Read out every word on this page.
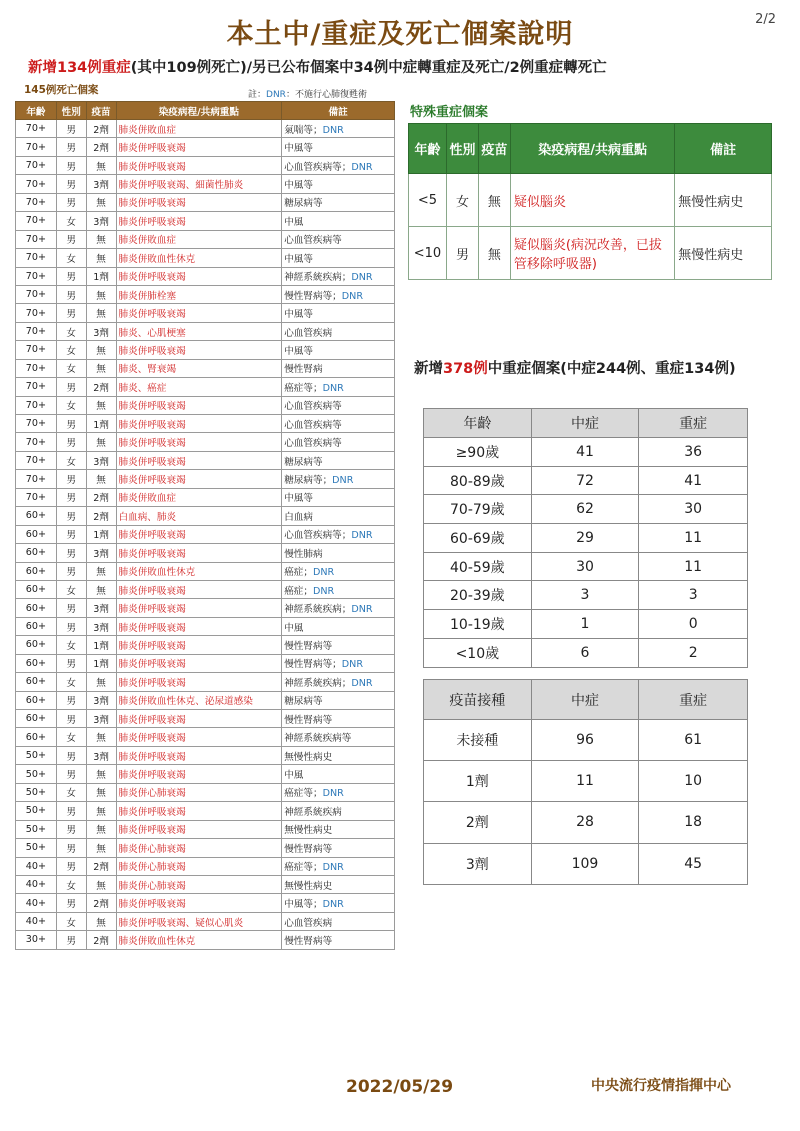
本土中/重症及死亡個案說明	2/2
新增134例重症(其中109例死亡)/另已公布個案中34例中症轉重症及死亡/2例重症轉死亡
145例死亡個案	註：DNR：不施行心肺復甦術
年齡	性別	疫苗	染疫病程/共病重點	備註
70+	男	2劑	肺炎併敗血症	氣喘等；DNR
70+	男	2劑	肺炎併呼吸衰竭	中風等
70+	男	無	肺炎併呼吸衰竭	心血管疾病等；DNR
70+	男	3劑	肺炎併呼吸衰竭、細菌性肺炎	中風等
70+	男	無	肺炎併呼吸衰竭	糖尿病等
70+	女	3劑	肺炎併呼吸衰竭	中風
70+	男	無	肺炎併敗血症	心血管疾病等
70+	女	無	肺炎併敗血性休克	中風等
70+	男	1劑	肺炎併呼吸衰竭	神經系統疾病；DNR
70+	男	無	肺炎併肺栓塞	慢性腎病等；DNR
70+	男	無	肺炎併呼吸衰竭	中風等
70+	女	3劑	肺炎、心肌梗塞	心血管疾病
70+	女	無	肺炎併呼吸衰竭	中風等
70+	女	無	肺炎、腎衰竭	慢性腎病
70+	男	2劑	肺炎、癌症	癌症等；DNR
70+	女	無	肺炎併呼吸衰竭	心血管疾病等
70+	男	1劑	肺炎併呼吸衰竭	心血管疾病等
70+	男	無	肺炎併呼吸衰竭	心血管疾病等
70+	女	3劑	肺炎併呼吸衰竭	糖尿病等
70+	男	無	肺炎併呼吸衰竭	糖尿病等；DNR
70+	男	2劑	肺炎併敗血症	中風等
60+	男	2劑	白血病、肺炎	白血病
60+	男	1劑	肺炎併呼吸衰竭	心血管疾病等；DNR
60+	男	3劑	肺炎併呼吸衰竭	慢性肺病
60+	男	無	肺炎併敗血性休克	癌症；DNR
60+	女	無	肺炎併呼吸衰竭	癌症；DNR
60+	男	3劑	肺炎併呼吸衰竭	神經系統疾病；DNR
60+	男	3劑	肺炎併呼吸衰竭	中風
60+	女	1劑	肺炎併呼吸衰竭	慢性腎病等
60+	男	1劑	肺炎併呼吸衰竭	慢性腎病等；DNR
60+	女	無	肺炎併呼吸衰竭	神經系統疾病；DNR
60+	男	3劑	肺炎併敗血性休克、泌尿道感染	糖尿病等
60+	男	3劑	肺炎併呼吸衰竭	慢性腎病等
60+	女	無	肺炎併呼吸衰竭	神經系統疾病等
50+	男	3劑	肺炎併呼吸衰竭	無慢性病史
50+	男	無	肺炎併呼吸衰竭	中風
50+	女	無	肺炎併心肺衰竭	癌症等；DNR
50+	男	無	肺炎併呼吸衰竭	神經系統疾病
50+	男	無	肺炎併呼吸衰竭	無慢性病史
50+	男	無	肺炎併心肺衰竭	慢性腎病等
40+	男	2劑	肺炎併心肺衰竭	癌症等；DNR
40+	女	無	肺炎併心肺衰竭	無慢性病史
40+	男	2劑	肺炎併呼吸衰竭	中風等；DNR
40+	女	無	肺炎併呼吸衰竭、疑似心肌炎	心血管疾病
30+	男	2劑	肺炎併敗血性休克	慢性腎病等
特殊重症個案
年齡	性別	疫苗	染疫病程/共病重點	備註
<5	女	無	疑似腦炎	無慢性病史
<10	男	無	疑似腦炎(病況改善，已拔管移除呼吸器)	無慢性病史
新增378例中重症個案(中症244例、重症134例)
年齡	中症	重症
≥90歲	41	36
80-89歲	72	41
70-79歲	62	30
60-69歲	29	11
40-59歲	30	11
20-39歲	3	3
10-19歲	1	0
<10歲	6	2
疫苗接種	中症	重症
未接種	96	61
1劑	11	10
2劑	28	18
3劑	109	45
2022/05/29	中央流行疫情指揮中心
